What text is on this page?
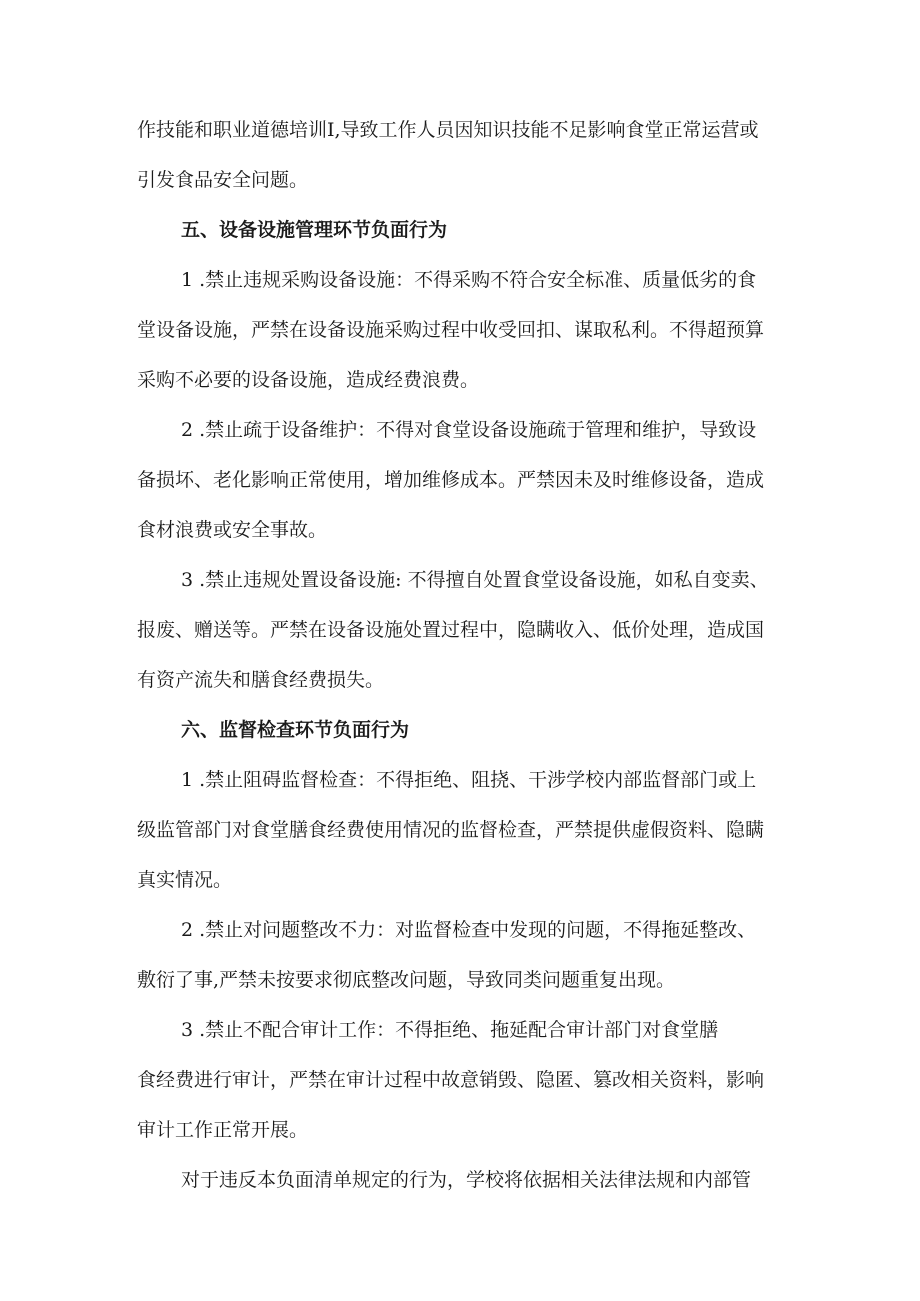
作技能和职业道德培训I,导致工作人员因知识技能不足影响食堂正常运营或

引发食品安全问题。

五、设备设施管理环节负面行为

1 .禁止违规采购设备设施：不得采购不符合安全标准、质量低劣的食

堂设备设施，严禁在设备设施采购过程中收受回扣、谋取私利。不得超预算

采购不必要的设备设施，造成经费浪费。

2 .禁止疏于设备维护：不得对食堂设备设施疏于管理和维护，导致设

备损坏、老化影响正常使用，增加维修成本。严禁因未及时维修设备，造成

食材浪费或安全事故。

3 .禁止违规处置设备设施: 不得擅自处置食堂设备设施，如私自变卖、

报废、赠送等。严禁在设备设施处置过程中，隐瞒收入、低价处理，造成国

有资产流失和膳食经费损失。

六、监督检查环节负面行为

1 .禁止阻碍监督检查：不得拒绝、阻挠、干涉学校内部监督部门或上

级监管部门对食堂膳食经费使用情况的监督检查，严禁提供虚假资料、隐瞒

真实情况。

2 .禁止对问题整改不力：对监督检查中发现的问题，不得拖延整改、

敷衍了事,严禁未按要求彻底整改问题，导致同类问题重复出现。

3 .禁止不配合审计工作：不得拒绝、拖延配合审计部门对食堂膳

食经费进行审计，严禁在审计过程中故意销毁、隐匿、篡改相关资料，影响

审计工作正常开展。

对于违反本负面清单规定的行为，学校将依据相关法律法规和内部管
